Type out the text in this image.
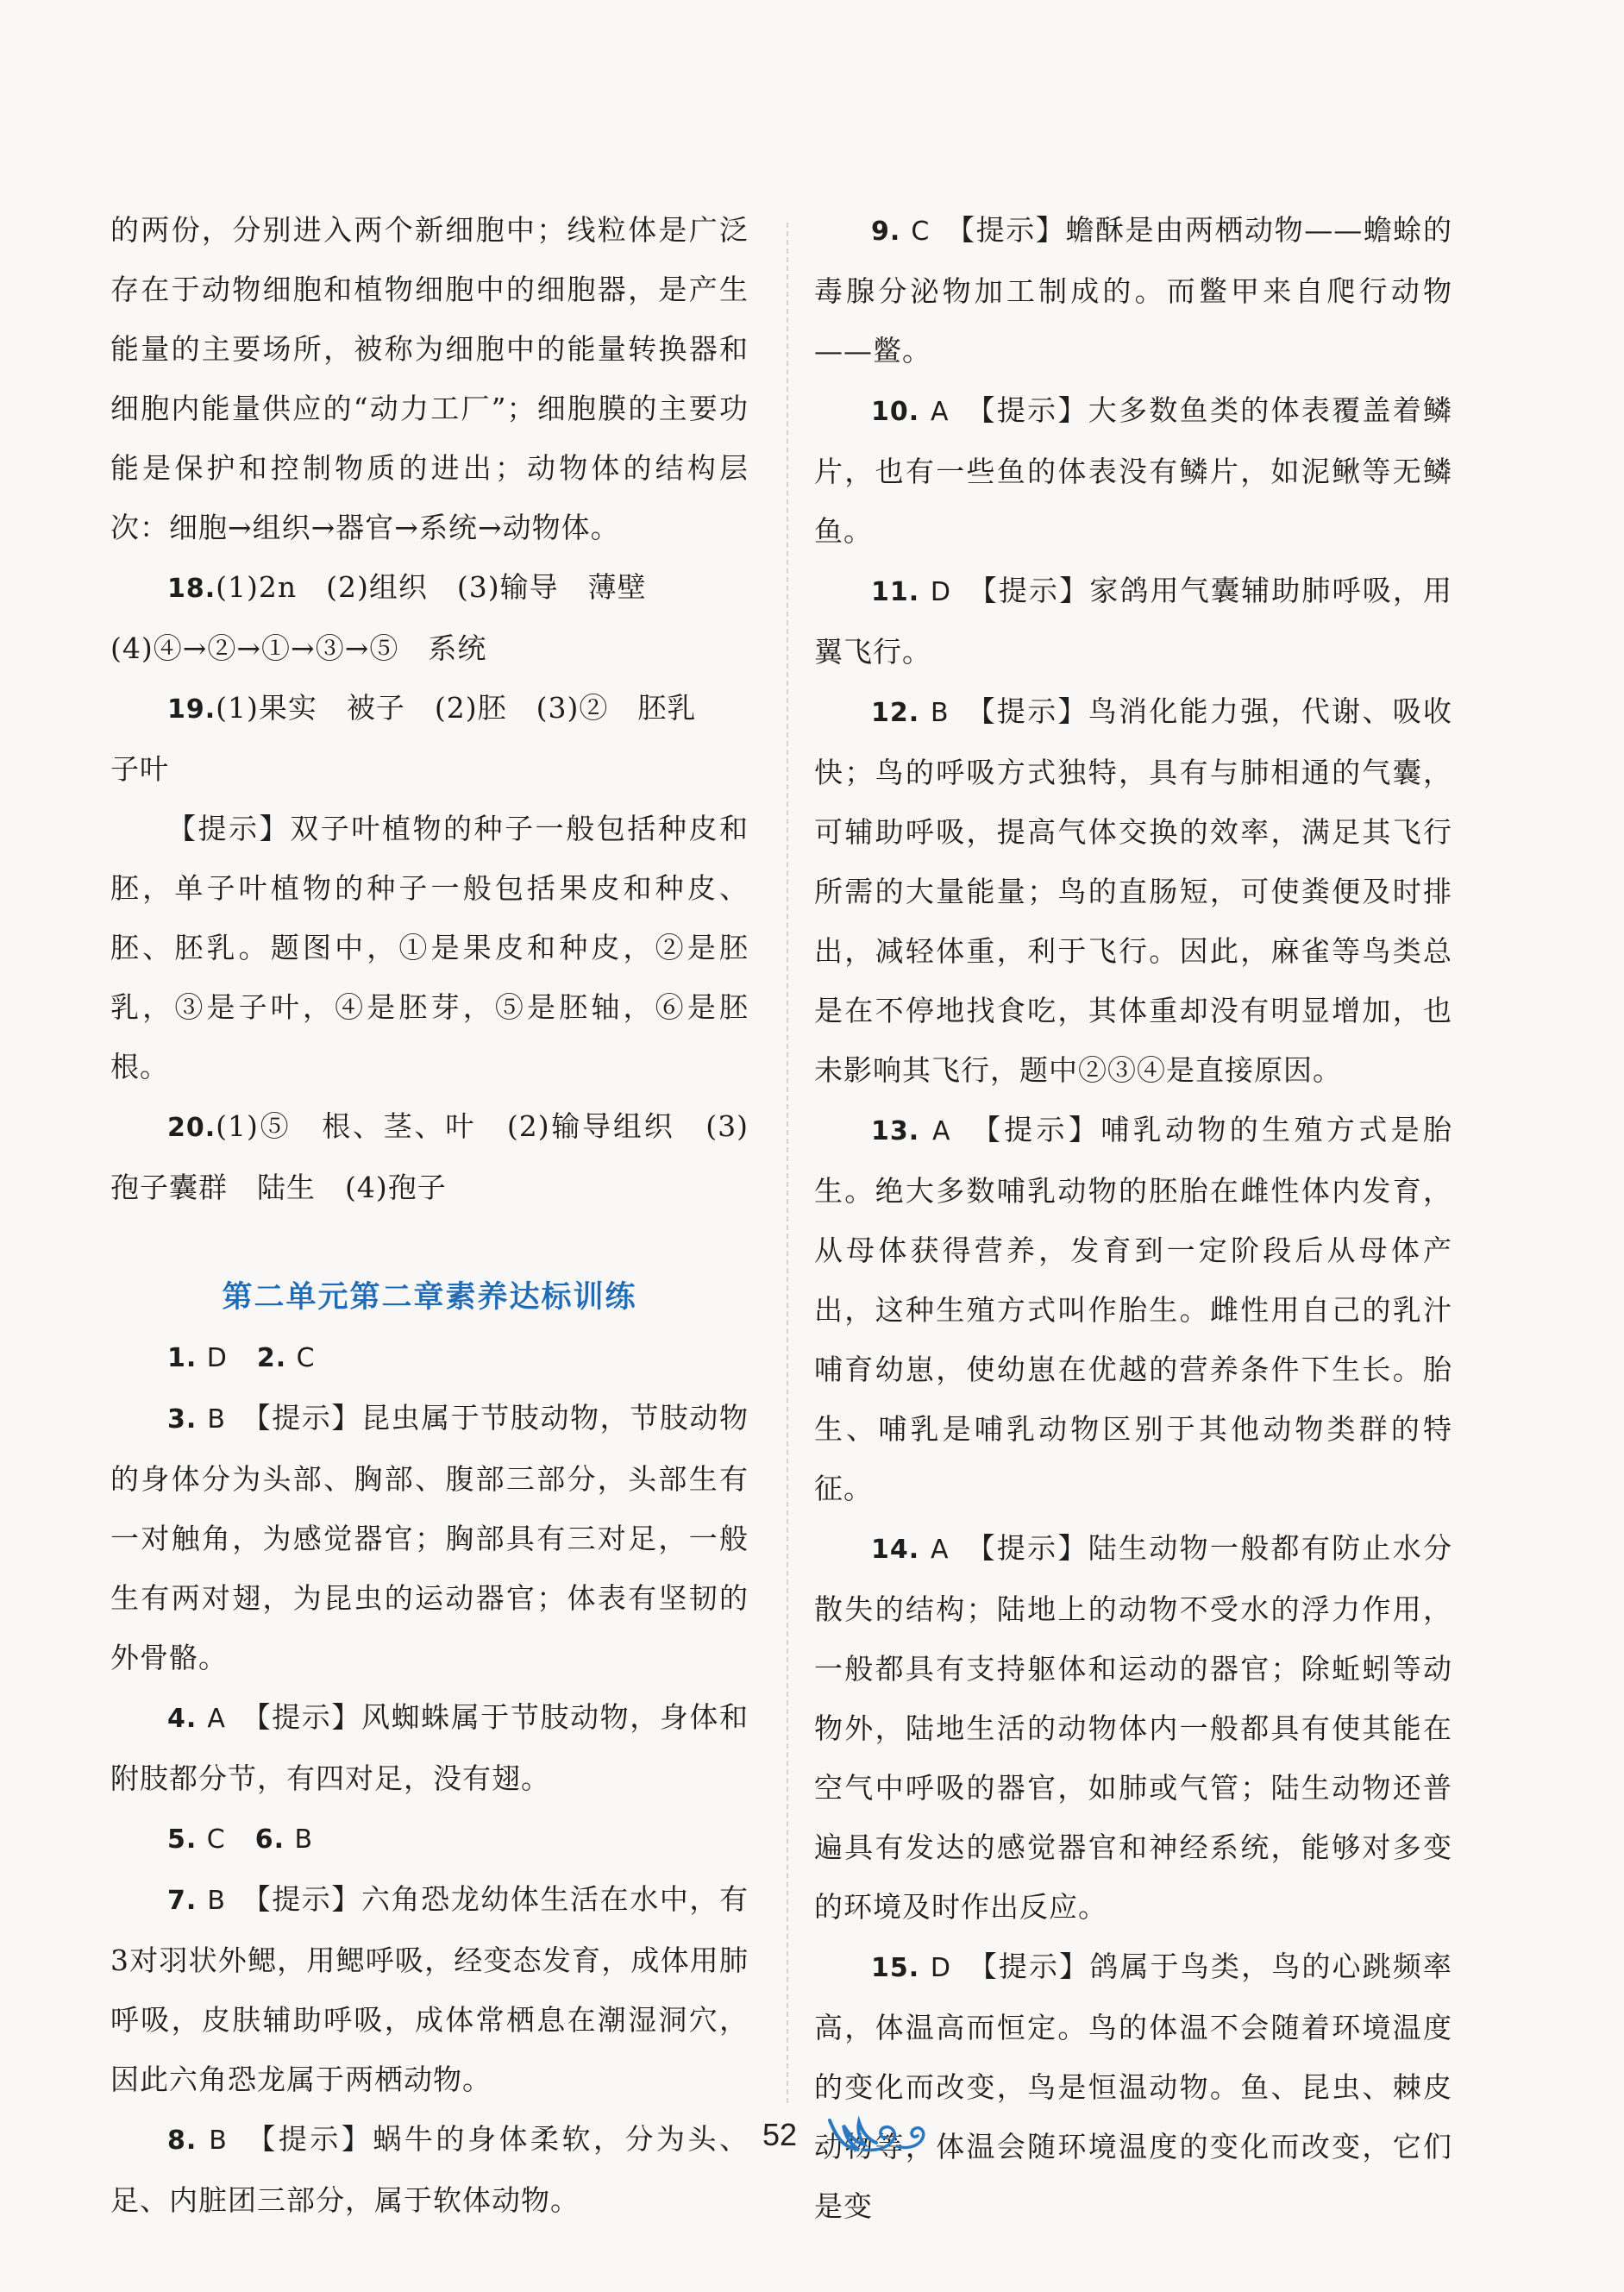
的两份，分别进入两个新细胞中；线粒体是广泛存在于动物细胞和植物细胞中的细胞器，是产生能量的主要场所，被称为细胞中的能量转换器和细胞内能量供应的“动力工厂”；细胞膜的主要功能是保护和控制物质的进出；动物体的结构层次：细胞→组织→器官→系统→动物体。

18.(1)2n　(2)组织　(3)输导　薄壁

(4)④→②→①→③→⑤　系统

19.(1)果实　被子　(2)胚　(3)②　胚乳

子叶

【提示】双子叶植物的种子一般包括种皮和胚，单子叶植物的种子一般包括果皮和种皮、胚、胚乳。题图中，①是果皮和种皮，②是胚乳，③是子叶，④是胚芽，⑤是胚轴，⑥是胚根。

20.(1)⑤　根、茎、叶　(2)输导组织　(3)孢子囊群　陆生　(4)孢子

第二单元第二章素养达标训练

1. D　 2. C

3. B　 【提示】昆虫属于节肢动物，节肢动物的身体分为头部、胸部、腹部三部分，头部生有一对触角，为感觉器官；胸部具有三对足，一般生有两对翅，为昆虫的运动器官；体表有坚韧的外骨骼。

4. A　 【提示】风蜘蛛属于节肢动物，身体和附肢都分节，有四对足，没有翅。

5. C　 6. B

7. B　 【提示】六角恐龙幼体生活在水中，有3对羽状外鳃，用鳃呼吸，经变态发育，成体用肺呼吸，皮肤辅助呼吸，成体常栖息在潮湿洞穴，因此六角恐龙属于两栖动物。

8. B　 【提示】蜗牛的身体柔软，分为头、足、内脏团三部分，属于软体动物。

9. C　 【提示】蟾酥是由两栖动物——蟾蜍的毒腺分泌物加工制成的。而鳖甲来自爬行动物——鳖。

10. A　 【提示】大多数鱼类的体表覆盖着鳞片，也有一些鱼的体表没有鳞片，如泥鳅等无鳞鱼。

11. D　 【提示】家鸽用气囊辅助肺呼吸，用翼飞行。

12. B　 【提示】鸟消化能力强，代谢、吸收快；鸟的呼吸方式独特，具有与肺相通的气囊，可辅助呼吸，提高气体交换的效率，满足其飞行所需的大量能量；鸟的直肠短，可使粪便及时排出，减轻体重，利于飞行。因此，麻雀等鸟类总是在不停地找食吃，其体重却没有明显增加，也未影响其飞行，题中②③④是直接原因。

13. A　 【提示】哺乳动物的生殖方式是胎生。绝大多数哺乳动物的胚胎在雌性体内发育，从母体获得营养，发育到一定阶段后从母体产出，这种生殖方式叫作胎生。雌性用自己的乳汁哺育幼崽，使幼崽在优越的营养条件下生长。胎生、哺乳是哺乳动物区别于其他动物类群的特征。

14. A　 【提示】陆生动物一般都有防止水分散失的结构；陆地上的动物不受水的浮力作用，一般都具有支持躯体和运动的器官；除蚯蚓等动物外，陆地生活的动物体内一般都具有使其能在空气中呼吸的器官，如肺或气管；陆生动物还普遍具有发达的感觉器官和神经系统，能够对多变的环境及时作出反应。

15. D　 【提示】鸽属于鸟类，鸟的心跳频率高，体温高而恒定。鸟的体温不会随着环境温度的变化而改变，鸟是恒温动物。鱼、昆虫、棘皮动物等，体温会随环境温度的变化而改变，它们是变

52
